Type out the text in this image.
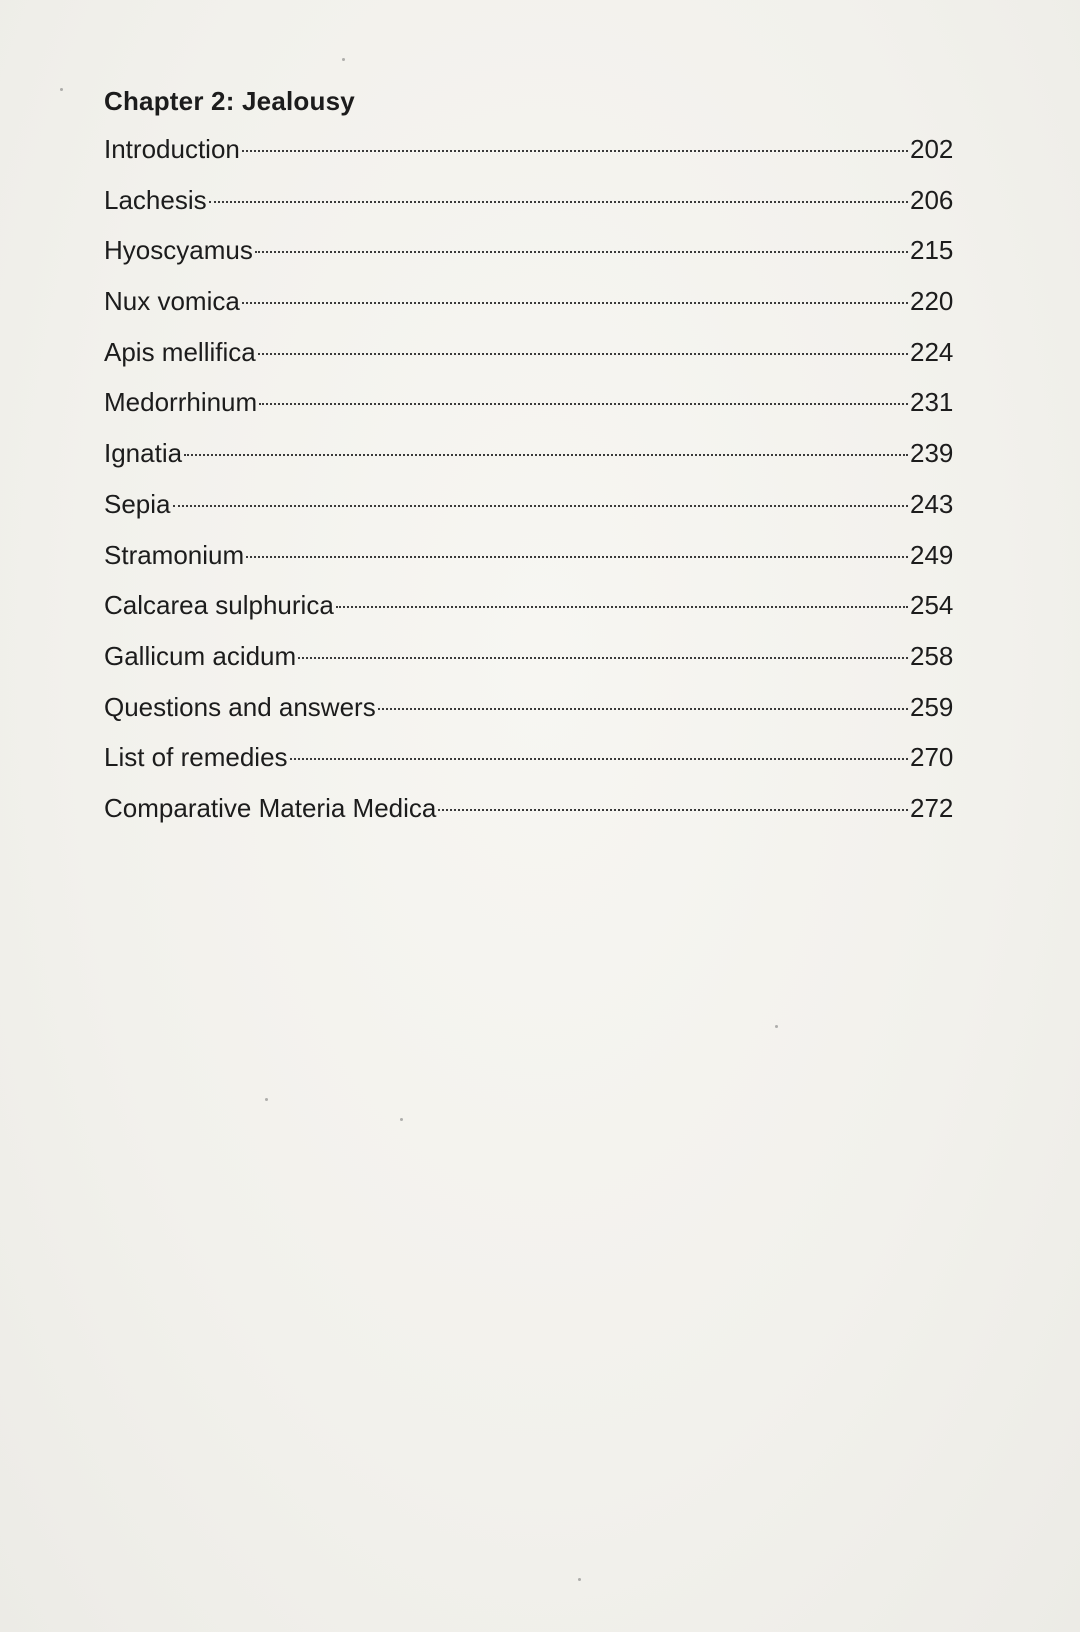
Chapter 2: Jealousy
Introduction	202
Lachesis	206
Hyoscyamus	215
Nux vomica	220
Apis mellifica	224
Medorrhinum	231
Ignatia	239
Sepia	243
Stramonium	249
Calcarea sulphurica	254
Gallicum acidum	258
Questions and answers	259
List of remedies	270
Comparative Materia Medica	272
